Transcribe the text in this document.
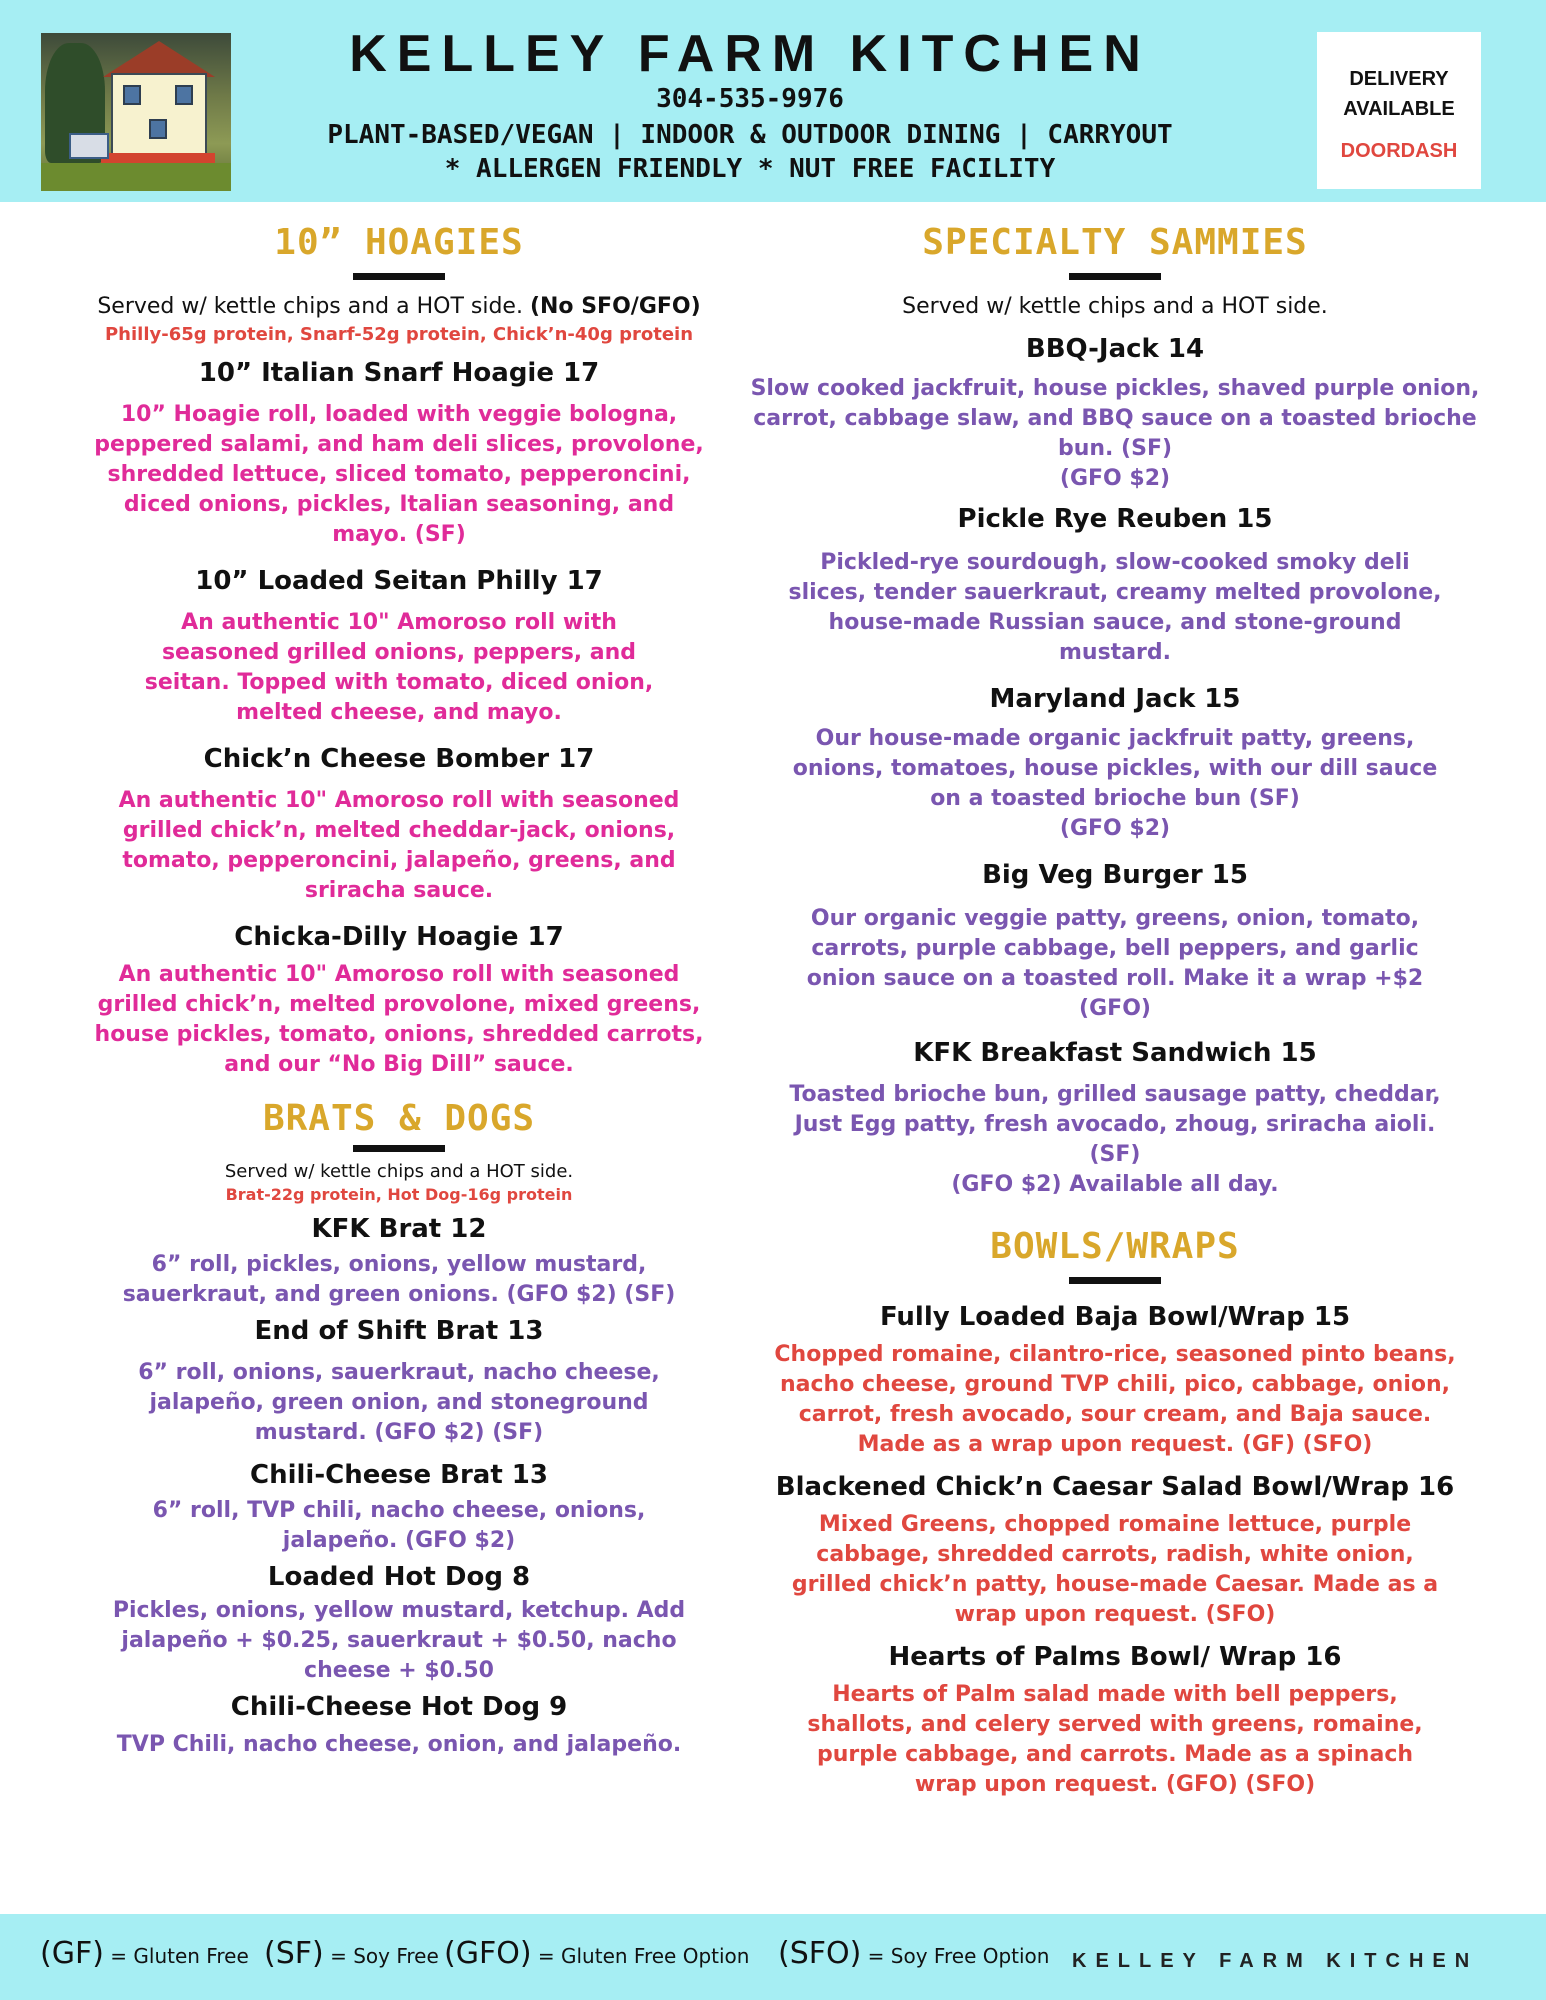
KELLEY FARM KITCHEN
304-535-9976
PLANT-BASED/VEGAN | INDOOR & OUTDOOR DINING | CARRYOUT
* ALLERGEN FRIENDLY * NUT FREE FACILITY
DELIVERY
AVAILABLE
DOORDASH
10” HOAGIES
Served w/ kettle chips and a HOT side. (No SFO/GFO)
Philly-65g protein, Snarf-52g protein, Chick’n-40g protein
10” Italian Snarf Hoagie 17
10” Hoagie roll, loaded with veggie bologna, peppered salami, and ham deli slices, provolone, shredded lettuce, sliced tomato, pepperoncini, diced onions, pickles, Italian seasoning, and mayo. (SF)
10” Loaded Seitan Philly 17
An authentic 10" Amoroso roll with seasoned grilled onions, peppers, and seitan. Topped with tomato, diced onion, melted cheese, and mayo.
Chick’n Cheese Bomber 17
An authentic 10" Amoroso roll with seasoned grilled chick’n, melted cheddar-jack, onions, tomato, pepperoncini, jalapeño, greens, and sriracha sauce.
Chicka-Dilly Hoagie 17
An authentic 10" Amoroso roll with seasoned grilled chick’n, melted provolone, mixed greens, house pickles, tomato, onions, shredded carrots, and our “No Big Dill” sauce.
BRATS & DOGS
Served w/ kettle chips and a HOT side.
Brat-22g protein, Hot Dog-16g protein
KFK Brat 12
6” roll, pickles, onions, yellow mustard, sauerkraut, and green onions. (GFO $2) (SF)
End of Shift Brat 13
6” roll, onions, sauerkraut, nacho cheese, jalapeño, green onion, and stoneground mustard. (GFO $2) (SF)
Chili-Cheese Brat 13
6” roll, TVP chili, nacho cheese, onions, jalapeño. (GFO $2)
Loaded Hot Dog 8
Pickles, onions, yellow mustard, ketchup. Add jalapeño + $0.25, sauerkraut + $0.50, nacho cheese + $0.50
Chili-Cheese Hot Dog 9
TVP Chili, nacho cheese, onion, and jalapeño.
SPECIALTY SAMMIES
Served w/ kettle chips and a HOT side.
BBQ-Jack 14
Slow cooked jackfruit, house pickles, shaved purple onion, carrot, cabbage slaw, and BBQ sauce on a toasted brioche bun. (SF)
(GFO $2)
Pickle Rye Reuben 15
Pickled-rye sourdough, slow-cooked smoky deli slices, tender sauerkraut, creamy melted provolone, house-made Russian sauce, and stone-ground mustard.
Maryland Jack 15
Our house-made organic jackfruit patty, greens, onions, tomatoes, house pickles, with our dill sauce on a toasted brioche bun (SF)
(GFO $2)
Big Veg Burger 15
Our organic veggie patty, greens, onion, tomato, carrots, purple cabbage, bell peppers, and garlic onion sauce on a toasted roll. Make it a wrap +$2 (GFO)
KFK Breakfast Sandwich 15
Toasted brioche bun, grilled sausage patty, cheddar, Just Egg patty, fresh avocado, zhoug, sriracha aioli. (SF)
(GFO $2) Available all day.
BOWLS/WRAPS
Fully Loaded Baja Bowl/Wrap 15
Chopped romaine, cilantro-rice, seasoned pinto beans, nacho cheese, ground TVP chili, pico, cabbage, onion, carrot, fresh avocado, sour cream, and Baja sauce. Made as a wrap upon request. (GF) (SFO)
Blackened Chick’n Caesar Salad Bowl/Wrap 16
Mixed Greens, chopped romaine lettuce, purple cabbage, shredded carrots, radish, white onion, grilled chick’n patty, house-made Caesar. Made as a wrap upon request. (SFO)
Hearts of Palms Bowl/ Wrap 16
Hearts of Palm salad made with bell peppers, shallots, and celery served with greens, romaine, purple cabbage, and carrots. Made as a spinach wrap upon request. (GFO) (SFO)
(GF) = Gluten Free (SF) = Soy Free (GFO) = Gluten Free Option (SFO) = Soy Free Option KELLEY FARM KITCHEN
